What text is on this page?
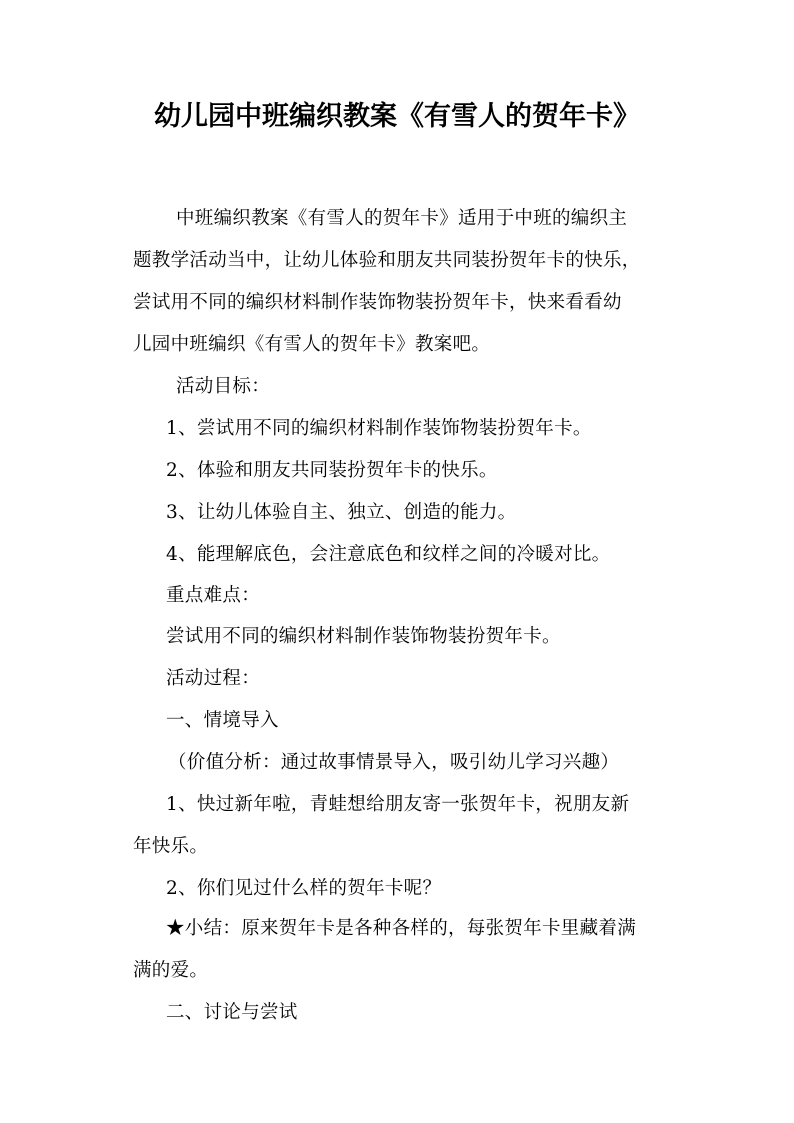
幼儿园中班编织教案《有雪人的贺年卡》
中班编织教案《有雪人的贺年卡》适用于中班的编织主
题教学活动当中，让幼儿体验和朋友共同装扮贺年卡的快乐，
尝试用不同的编织材料制作装饰物装扮贺年卡，快来看看幼
儿园中班编织《有雪人的贺年卡》教案吧。
活动目标：
1、尝试用不同的编织材料制作装饰物装扮贺年卡。
2、体验和朋友共同装扮贺年卡的快乐。
3、让幼儿体验自主、独立、创造的能力。
4、能理解底色，会注意底色和纹样之间的冷暖对比。
重点难点：
尝试用不同的编织材料制作装饰物装扮贺年卡。
活动过程：
一、情境导入
（价值分析：通过故事情景导入，吸引幼儿学习兴趣）
1、快过新年啦，青蛙想给朋友寄一张贺年卡，祝朋友新
年快乐。
2、你们见过什么样的贺年卡呢？
★小结：原来贺年卡是各种各样的，每张贺年卡里藏着满
满的爱。
二、讨论与尝试
